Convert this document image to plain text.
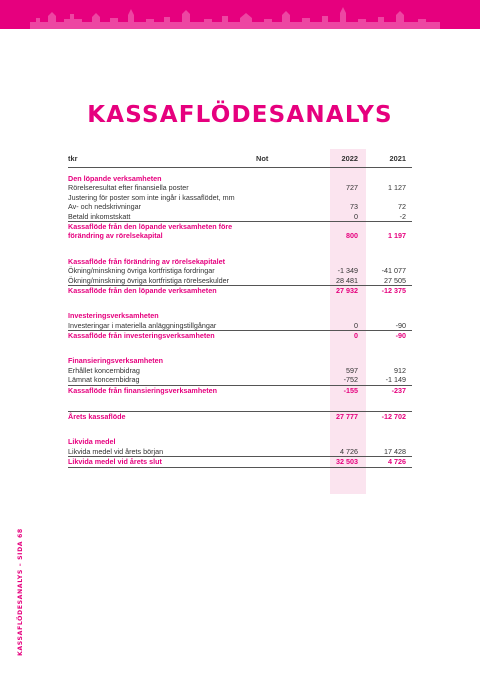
KASSAFLÖDESANALYS
tkr	Not	2022	2021
Den löpande verksamheten
Rörelseresultat efter finansiella poster	727	1 127
Justering för poster som inte ingår i kassaflödet, mm
Av- och nedskrivningar	73	72
Betald inkomstskatt	0	-2
Kassaflöde från den löpande verksamheten före
förändring av rörelsekapital	800	1 197
Kassaflöde från förändring av rörelsekapitalet
Ökning/minskning övriga kortfristiga fordringar	-1 349	-41 077
Ökning/minskning övriga kortfristiga rörelseskulder	28 481	27 505
Kassaflöde från den löpande verksamheten	27 932	-12 375
Investeringsverksamheten
Investeringar i materiella anläggningstillgångar	0	-90
Kassaflöde från investeringsverksamheten	0	-90
Finansieringsverksamheten
Erhållet koncernbidrag	597	912
Lämnat koncernbidrag	-752	-1 149
Kassaflöde från finansieringsverksamheten	-155	-237
Årets kassaflöde	27 777	-12 702
Likvida medel
Likvida medel vid årets början	4 726	17 428
Likvida medel vid årets slut	32 503	4 726
KASSAFLÖDESANALYS – SIDA 68
